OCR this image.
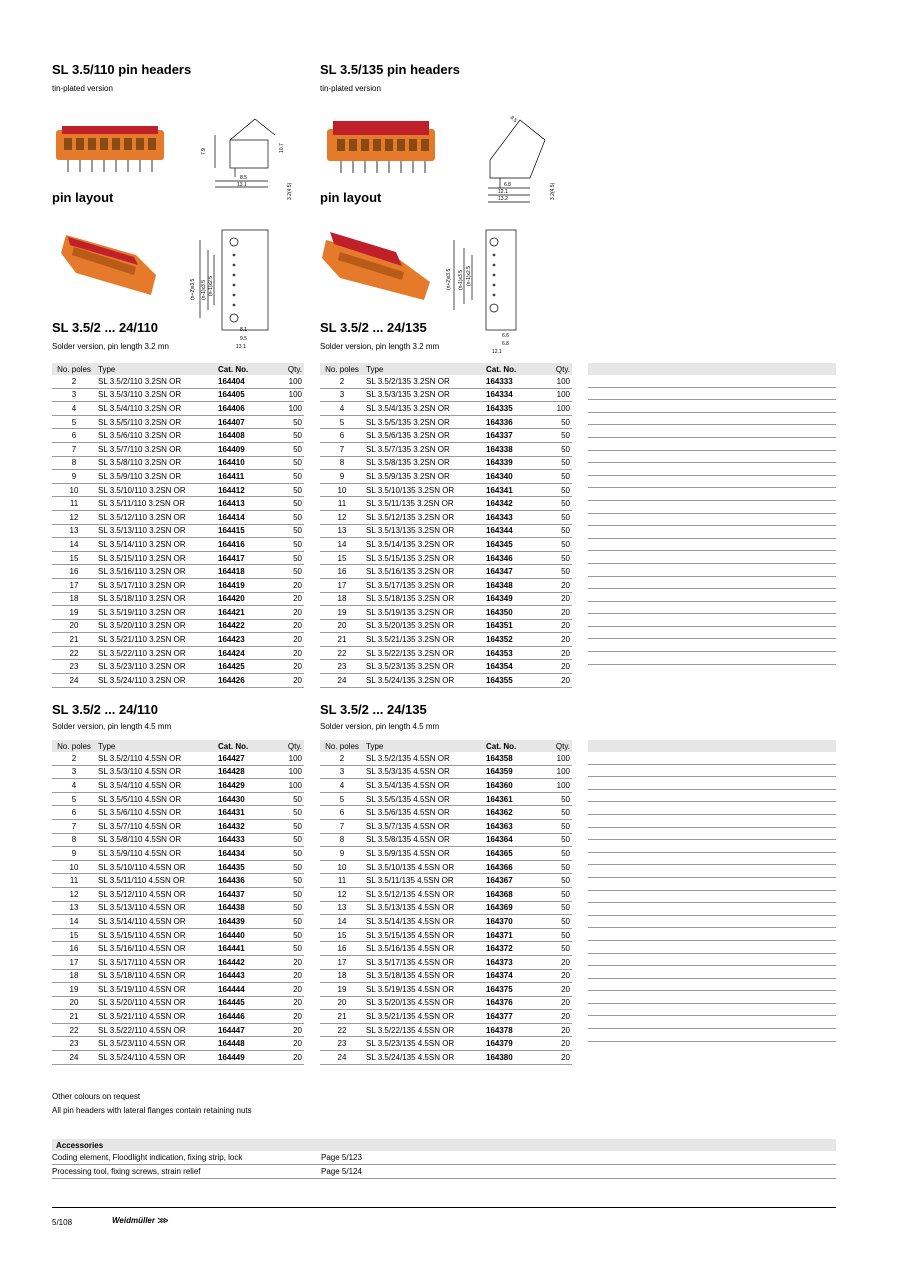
SL 3.5/110 pin headers
tin-plated version
7.9
8.5
13.1
10.7
3.2(4.5)
pin layout
(n+2)x3.5 (n-1)x3.5 (n-1)x2.5
8.1
9.5
13.1
SL 3.5/135 pin headers
tin-plated version
8.5
6.8
12.1
13.2	3.2(4.5)
pin layout
(n+2)x3.5 (n-1)x3.5 (n-1)x2.5
6.6
6.8
12.1
SL 3.5/2 ... 24/110
Solder version, pin length 3.2 mn
SL 3.5/2 ... 24/135
Solder version, pin length 3.2 mm
No. poles	Type	Cat. No.	Qty.
2	SL 3.5/2/110 3.2SN OR	164404	100
3	SL 3.5/3/110 3.2SN OR	164405	100
4	SL 3.5/4/110 3.2SN OR	164406	100
5	SL 3.5/5/110 3.2SN OR	164407	50
6	SL 3.5/6/110 3.2SN OR	164408	50
7	SL 3.5/7/110 3.2SN OR	164409	50
8	SL 3.5/8/110 3.2SN OR	164410	50
9	SL 3.5/9/110 3.2SN OR	164411	50
10	SL 3.5/10/110 3.2SN OR	164412	50
11	SL 3.5/11/110 3.2SN OR	164413	50
12	SL 3.5/12/110 3.2SN OR	164414	50
13	SL 3.5/13/110 3.2SN OR	164415	50
14	SL 3.5/14/110 3.2SN OR	164416	50
15	SL 3.5/15/110 3.2SN OR	164417	50
16	SL 3.5/16/110 3.2SN OR	164418	50
17	SL 3.5/17/110 3.2SN OR	164419	20
18	SL 3.5/18/110 3.2SN OR	164420	20
19	SL 3.5/19/110 3.2SN OR	164421	20
20	SL 3.5/20/110 3.2SN OR	164422	20
21	SL 3.5/21/110 3.2SN OR	164423	20
22	SL 3.5/22/110 3.2SN OR	164424	20
23	SL 3.5/23/110 3.2SN OR	164425	20
24	SL 3.5/24/110 3.2SN OR	164426	20
No. poles	Type	Cat. No.	Qty.
2	SL 3.5/2/135 3.2SN OR	164333	100
3	SL 3.5/3/135 3.2SN OR	164334	100
4	SL 3.5/4/135 3.2SN OR	164335	100
5	SL 3.5/5/135 3.2SN OR	164336	50
6	SL 3.5/6/135 3.2SN OR	164337	50
7	SL 3.5/7/135 3.2SN OR	164338	50
8	SL 3.5/8/135 3.2SN OR	164339	50
9	SL 3.5/9/135 3.2SN OR	164340	50
10	SL 3.5/10/135 3.2SN OR	164341	50
11	SL 3.5/11/135 3.2SN OR	164342	50
12	SL 3.5/12/135 3.2SN OR	164343	50
13	SL 3.5/13/135 3.2SN OR	164344	50
14	SL 3.5/14/135 3.2SN OR	164345	50
15	SL 3.5/15/135 3.2SN OR	164346	50
16	SL 3.5/16/135 3.2SN OR	164347	50
17	SL 3.5/17/135 3.2SN OR	164348	20
18	SL 3.5/18/135 3.2SN OR	164349	20
19	SL 3.5/19/135 3.2SN OR	164350	20
20	SL 3.5/20/135 3.2SN OR	164351	20
21	SL 3.5/21/135 3.2SN OR	164352	20
22	SL 3.5/22/135 3.2SN OR	164353	20
23	SL 3.5/23/135 3.2SN OR	164354	20
24	SL 3.5/24/135 3.2SN OR	164355	20
SL 3.5/2 ... 24/110
Solder version, pin length 4.5 mm
SL 3.5/2 ... 24/135
Solder version, pin length 4.5 mm
No. poles	Type	Cat. No.	Qty.
2	SL 3.5/2/110 4.5SN OR	164427	100
3	SL 3.5/3/110 4.5SN OR	164428	100
4	SL 3.5/4/110 4.5SN OR	164429	100
5	SL 3.5/5/110 4.5SN OR	164430	50
6	SL 3.5/6/110 4.5SN OR	164431	50
7	SL 3.5/7/110 4.5SN OR	164432	50
8	SL 3.5/8/110 4.5SN OR	164433	50
9	SL 3.5/9/110 4.5SN OR	164434	50
10	SL 3.5/10/110 4.5SN OR	164435	50
11	SL 3.5/11/110 4.5SN OR	164436	50
12	SL 3.5/12/110 4.5SN OR	164437	50
13	SL 3.5/13/110 4.5SN OR	164438	50
14	SL 3.5/14/110 4.5SN OR	164439	50
15	SL 3.5/15/110 4.5SN OR	164440	50
16	SL 3.5/16/110 4.5SN OR	164441	50
17	SL 3.5/17/110 4.5SN OR	164442	20
18	SL 3.5/18/110 4.5SN OR	164443	20
19	SL 3.5/19/110 4.5SN OR	164444	20
20	SL 3.5/20/110 4.5SN OR	164445	20
21	SL 3.5/21/110 4.5SN OR	164446	20
22	SL 3.5/22/110 4.5SN OR	164447	20
23	SL 3.5/23/110 4.5SN OR	164448	20
24	SL 3.5/24/110 4.5SN OR	164449	20
No. poles	Type	Cat. No.	Qty.
2	SL 3.5/2/135 4.5SN OR	164358	100
3	SL 3.5/3/135 4.5SN OR	164359	100
4	SL 3.5/4/135 4.5SN OR	164360	100
5	SL 3.5/5/135 4.5SN OR	164361	50
6	SL 3.5/6/135 4.5SN OR	164362	50
7	SL 3.5/7/135 4.5SN OR	164363	50
8	SL 3.5/8/135 4.5SN OR	164364	50
9	SL 3.5/9/135 4.5SN OR	164365	50
10	SL 3.5/10/135 4.5SN OR	164366	50
11	SL 3.5/11/135 4.5SN OR	164367	50
12	SL 3.5/12/135 4.5SN OR	164368	50
13	SL 3.5/13/135 4.5SN OR	164369	50
14	SL 3.5/14/135 4.5SN OR	164370	50
15	SL 3.5/15/135 4.5SN OR	164371	50
16	SL 3.5/16/135 4.5SN OR	164372	50
17	SL 3.5/17/135 4.5SN OR	164373	20
18	SL 3.5/18/135 4.5SN OR	164374	20
19	SL 3.5/19/135 4.5SN OR	164375	20
20	SL 3.5/20/135 4.5SN OR	164376	20
21	SL 3.5/21/135 4.5SN OR	164377	20
22	SL 3.5/22/135 4.5SN OR	164378	20
23	SL 3.5/23/135 4.5SN OR	164379	20
24	SL 3.5/24/135 4.5SN OR	164380	20
Other colours on request
All pin headers with lateral flanges contain retaining nuts
Accessories
Coding element, Floodlight indication, fixing strip, lock	Page 5/123
Processing tool, fixing screws, strain relief	Page 5/124
5/108	Weidmüller ⋙
